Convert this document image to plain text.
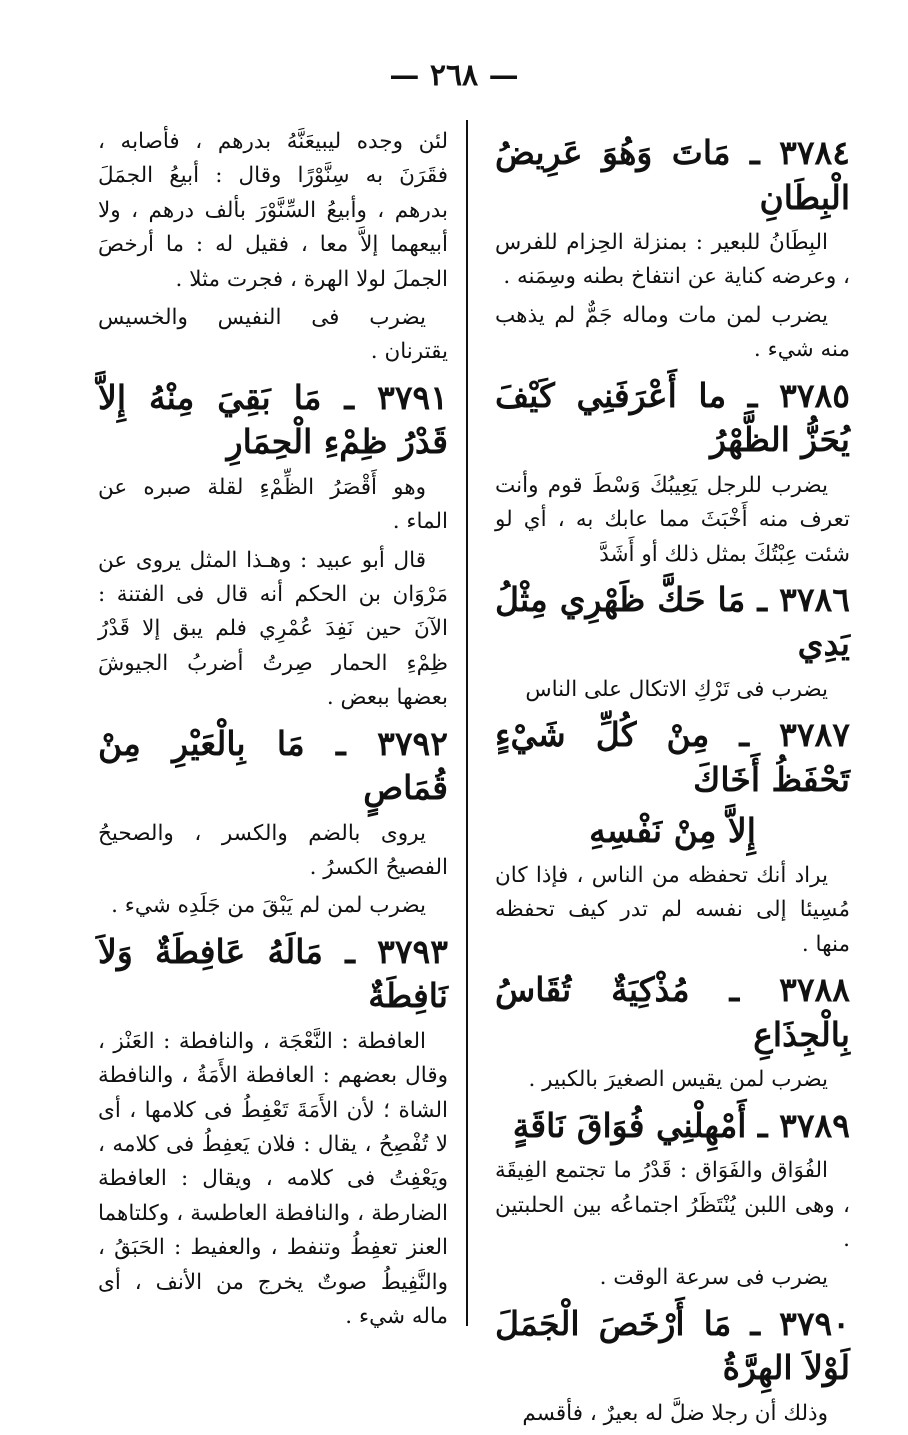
— ٢٦٨ —
٣٧٨٤ ـ مَاتَ وَهُوَ عَرِيضُ الْبِطَانِ
البِطَانُ للبعير : بمنزلة الحِزام للفرس ، وعرضه كناية عن انتفاخ بطنه وسِمَنه .
يضرب لمن مات وماله جَمٌّ لم يذهب منه شيء .
٣٧٨٥ ـ ما أَعْرَفَنِي كَيْفَ يُحَزُّ الظَّهْرُ
يضرب للرجل يَعِيبُكَ وَسْطَ قوم وأنت تعرف منه أَخْبَثَ مما عابك به ، أي لو شئت عِبْتُكَ بمثل ذلك أو أَشَدَّ
٣٧٨٦ ـ مَا حَكَّ ظَهْرِي مِثْلُ يَدِي
يضرب فى تَرْكِ الاتكال على الناس
٣٧٨٧ ـ مِنْ كُلِّ شَيْءٍ تَحْفَظُ أَخَاكَ
إِلاَّ مِنْ نَفْسِهِ
يراد أنك تحفظه من الناس ، فإذا كان مُسِيئا إلى نفسه لم تدر كيف تحفظه منها .
٣٧٨٨ ـ مُذْكِيَةٌ تُقَاسُ بِالْجِذَاعِ
يضرب لمن يقيس الصغيرَ بالكبير .
٣٧٨٩ ـ أَمْهِلْنِي فُوَاقَ نَاقَةٍ
الفُوَاق والفَوَاق : قَدْرُ ما تجتمع الفِيقَة ، وهى اللبن يُنْتَظَرُ اجتماعُه بين الحلبتين .
يضرب فى سرعة الوقت .
٣٧٩٠ ـ مَا أَرْخَصَ الْجَمَلَ لَوْلاَ الهِرَّةُ
وذلك أن رجلا ضلَّ له بعيرٌ ، فأقسم
لئن وجده ليبيعَنَّهُ بدرهم ، فأصابه ، فقَرَنَ به سِنَّوْرًا وقال : أبيعُ الجمَلَ بدرهم ، وأبيعُ السِّنَّوْرَ بألف درهم ، ولا أبيعهما إلاَّ معا ، فقيل له : ما أرخصَ الجملَ لولا الهرة ، فجرت مثلا .
يضرب فى النفيس والخسيس يقترنان .
٣٧٩١ ـ مَا بَقِيَ مِنْهُ إِلاَّ قَدْرُ ظِمْءِ الْحِمَارِ
وهو أَقْصَرُ الظِّمْءِ لقلة صبره عن الماء .
قال أبو عبيد : وهـذا المثل يروى عن مَرْوَان بن الحكم أنه قال فى الفتنة : الآنَ حين نَفِدَ عُمْرِي فلم يبق إلا قَدْرُ ظِمْءِ الحمار صِرتُ أضربُ الجيوشَ بعضها ببعض .
٣٧٩٢ ـ مَا بِالْعَيْرِ مِنْ قُمَاصٍ
يروى بالضم والكسر ، والصحيحُ الفصيحُ الكسرُ .
يضرب لمن لم يَبْقَ من جَلَدِه شيء .
٣٧٩٣ ـ مَالَهُ عَافِطَةٌ وَلاَ نَافِطَةٌ
العافطة : النَّعْجَة ، والنافطة : العَنْز ، وقال بعضهم : العافطة الأَمَةُ ، والنافطة الشاة ؛ لأن الأَمَةَ تَعْفِطُ فى كلامها ، أى لا تُفْصِحُ ، يقال : فلان يَعفِطُ فى كلامه ، ويَعْفِتُ فى كلامه ، ويقال : العافطة الضارطة ، والنافطة العاطسة ، وكلتاهما العنز تعفِطُ وتنفط ، والعفيط : الحَبَقُ ، والنَّفِيطُ صوتٌ يخرج من الأنف ، أى ماله شيء .
